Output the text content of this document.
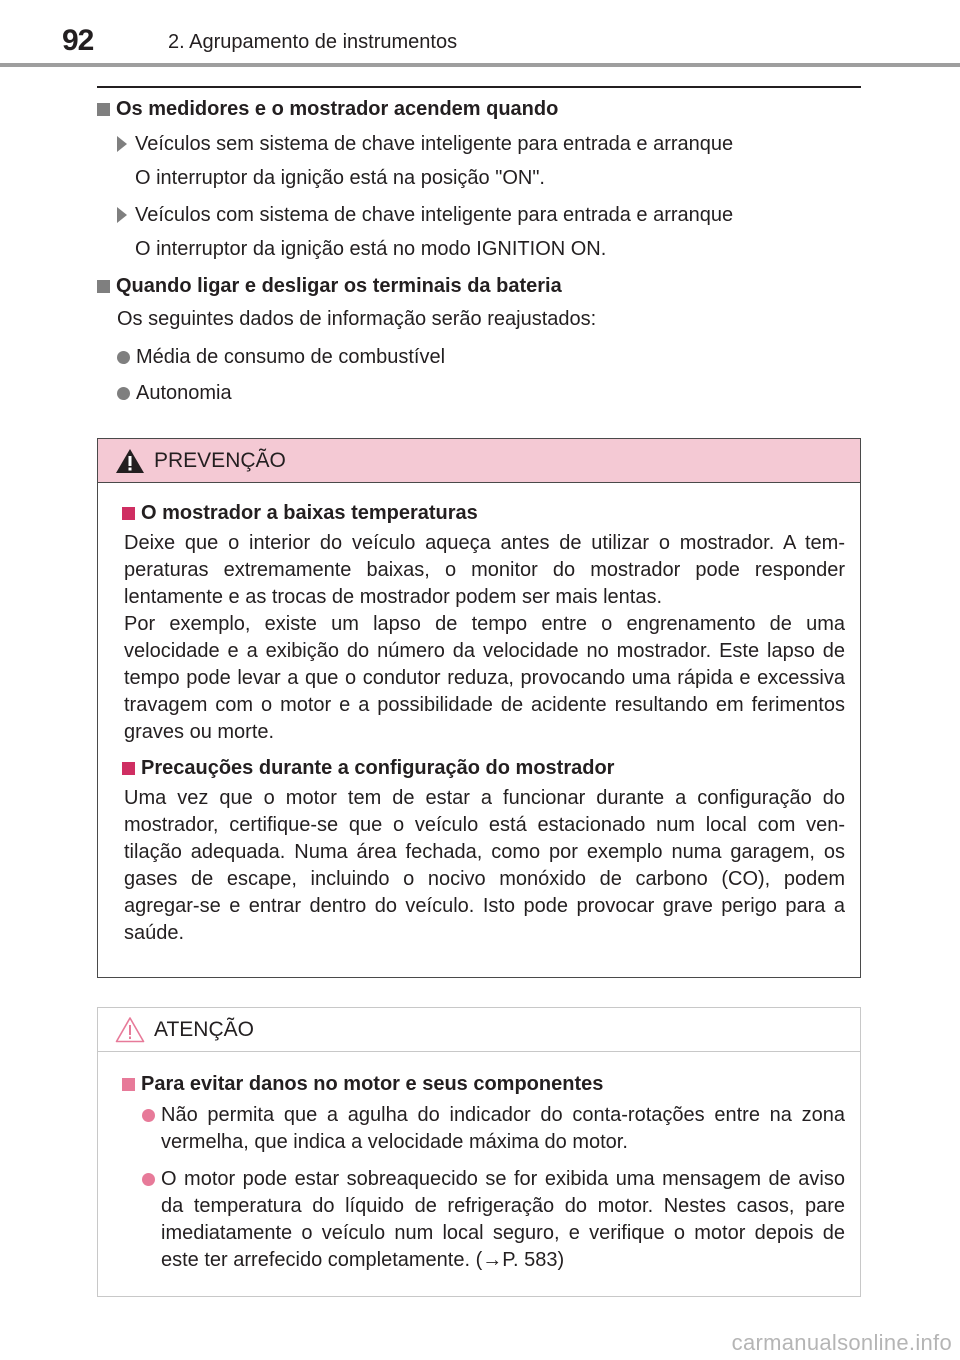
92	2. Agrupamento de instrumentos
Os medidores e o mostrador acendem quando
Veículos sem sistema de chave inteligente para entrada e arranque
O interruptor da ignição está na posição "ON".
Veículos com sistema de chave inteligente para entrada e arranque
O interruptor da ignição está no modo IGNITION ON.
Quando ligar e desligar os terminais da bateria
Os seguintes dados de informação serão reajustados:
Média de consumo de combustível
Autonomia
PREVENÇÃO
O mostrador a baixas temperaturas
Deixe que o interior do veículo aqueça antes de utilizar o mostrador. A tem-peraturas extremamente baixas, o monitor do mostrador pode responder lentamente e as trocas de mostrador podem ser mais lentas.
Por exemplo, existe um lapso de tempo entre o engrenamento de uma velocidade e a exibição do número da velocidade no mostrador. Este lapso de tempo pode levar a que o condutor reduza, provocando uma rápida e excessiva travagem com o motor e a possibilidade de acidente resultando em ferimentos graves ou morte.
Precauções durante a configuração do mostrador
Uma vez que o motor tem de estar a funcionar durante a configuração do mostrador, certifique-se que o veículo está estacionado num local com ven-tilação adequada. Numa área fechada, como por exemplo numa garagem, os gases de escape, incluindo o nocivo monóxido de carbono (CO), podem agregar-se e entrar dentro do veículo. Isto pode provocar grave perigo para a saúde.
ATENÇÃO
Para evitar danos no motor e seus componentes
Não permita que a agulha do indicador do conta-rotações entre na zona vermelha, que indica a velocidade máxima do motor.
O motor pode estar sobreaquecido se for exibida uma mensagem de aviso da temperatura do líquido de refrigeração do motor. Nestes casos, pare imediatamente o veículo num local seguro, e verifique o motor depois de este ter arrefecido completamente. (→P. 583)
carmanualsonline.info
